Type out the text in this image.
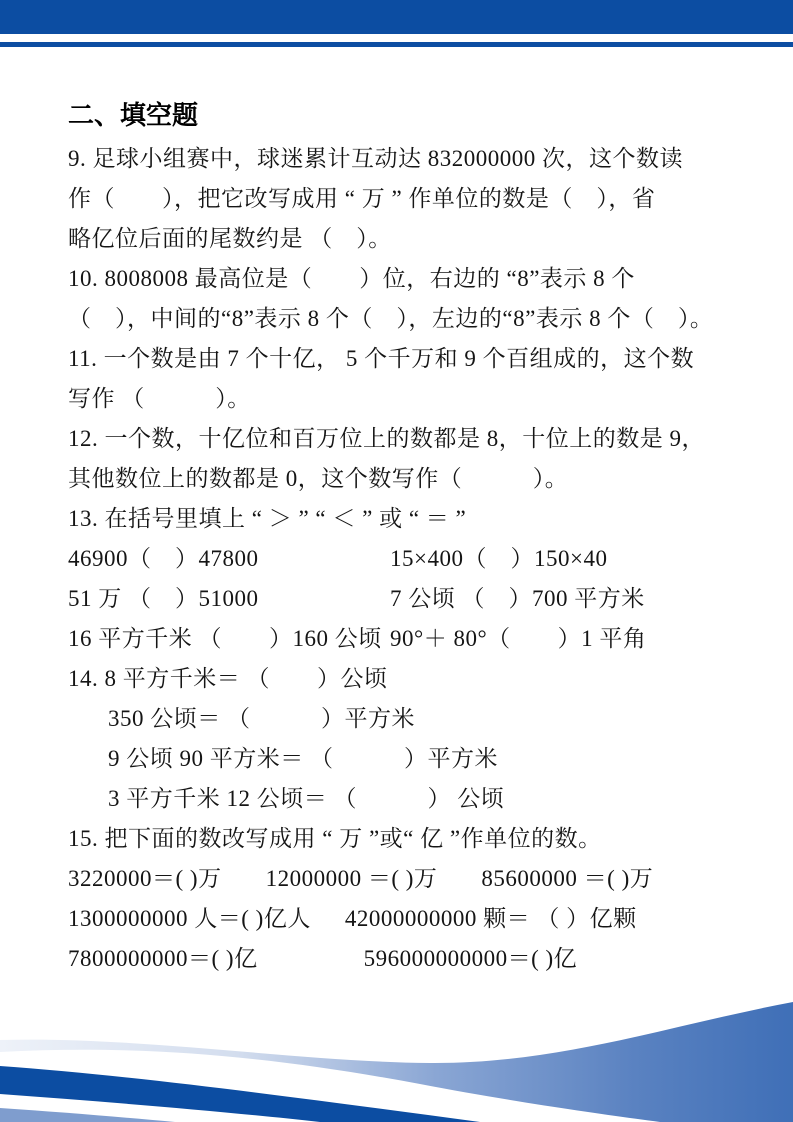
二、填空题
9. 足球小组赛中，球迷累计互动达 832000000 次，这个数读
作（　　），把它改写成用 “ 万 ” 作单位的数是（　），省
略亿位后面的尾数约是 （　）。
10. 8008008 最高位是（　　）位，右边的 “8”表示 8 个
（　），中间的“8”表示 8 个（　），左边的“8”表示 8 个（　）。
11. 一个数是由 7 个十亿， 5 个千万和 9 个百组成的，这个数
写作 （　　　）。
12. 一个数，十亿位和百万位上的数都是 8，十位上的数是 9，
其他数位上的数都是 0，这个数写作（　　　）。
13. 在括号里填上 “ ＞ ” “ ＜ ” 或 “ ＝ ”
46900（　）47800	15×400（　）150×40
51 万 （　）51000	7 公顷 （　）700 平方米
16 平方千米 （　　）160 公顷 90°＋ 80°（　　）1 平角
14. 8 平方千米＝ （　　）公顷
350 公顷＝ （　　　）平方米
9 公顷 90 平方米＝ （　　　）平方米
3 平方千米 12 公顷＝ （　　　） 公顷
15. 把下面的数改写成用 “ 万 ”或“ 亿 ”作单位的数。
3220000＝( )万 12000000 ＝( )万 85600000 ＝( )万
1300000000 人＝( )亿人 42000000000 颗＝ （ ）亿颗
7800000000＝( )亿	596000000000＝( )亿
